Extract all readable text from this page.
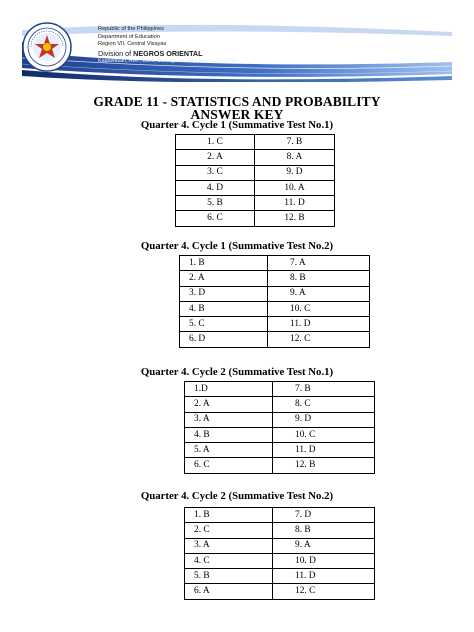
Republic of the Philippines
Department of Education
Region VII, Central Visayas
Division of NEGROS ORIENTAL
Kagawasan, Ave., Daro, Dumaguete City, Negros Oriental
GRADE 11 - STATISTICS AND PROBABILITY
ANSWER KEY
Quarter 4. Cycle 1 (Summative Test No.1)
1. C	7. B
2. A	8. A
3. C	9. D
4. D	10. A
5. B	11. D
6. C	12. B
Quarter 4. Cycle 1 (Summative Test No.2)
1. B	7. A
2. A	8. B
3. D	9. A
4. B	10. C
5. C	11. D
6. D	12. C
Quarter 4. Cycle 2 (Summative Test No.1)
1.D	7. B
2. A	8. C
3. A	9. D
4. B	10. C
5. A	11. D
6. C	12. B
Quarter 4. Cycle 2 (Summative Test No.2)
1. B	7. D
2. C	8. B
3. A	9. A
4. C	10. D
5. B	11. D
6. A	12. C
